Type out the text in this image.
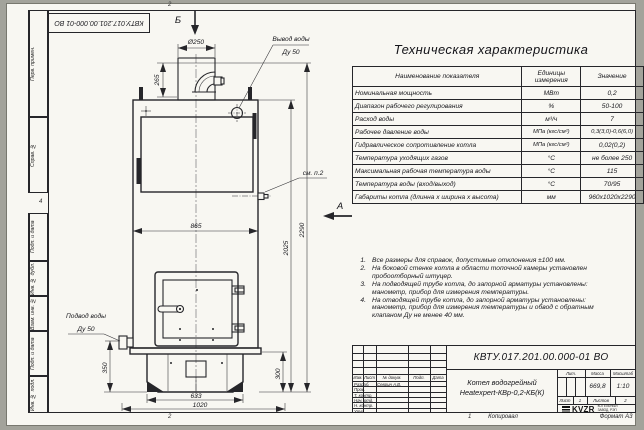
Перв. примен.
Справ. №
Подп. и дата
Инв. № дубл.
Взам. инв. №
Подп. и дата
Инв. № подл.
КВТУ.017.201.00.000-01 ВО
2
4
2	1
Б
Ø250
265
Вывод воды
Ду 50
см. п.2
865
2025
2290
Подвод воды
Ду 50
350
300
633
1020
А
Техническая характеристика
Наименование показателя	Единицы измерения	Значение
Номинальная мощность	МВт	0,2
Диапазон рабочего регулирования	%	50-100
Расход воды	м³/ч	7
Рабочее давление воды	МПа (кгс/см²)	0,3(3,0)-0,6(6,0)
Гидравлическое сопротивление котла	МПа (кгс/см²)	0,02(0,2)
Температура уходящих газов	°С	не более 250
Максимальная рабочая температура воды	°С	115
Температура воды (вход/выход)	°С	70/95
Габариты котла (длинна х ширина х высота)	мм	960х1020х2290
1. Все размеры для справок, допустимые отклонения ±100 мм.
2. На боковой стенке котла в области топочной камеры установлен пробоотборный штуцер.
3. На подводящей трубе котла, до запорной арматуры установлены: манометр, прибор для измерения температуры.
4. На отводящей трубе котла, до запорной арматуры установлены: манометр, прибор для измерения температуры и обвод с обратным клапаном Ду не менее 40 мм.
Изм. Лист	№ докум.	Подп.	Дата
Разраб.	Севрин А.В.
Пров.
Т. контр.
Нач. отд.
Н. контр.
Утв.
КВТУ.017.201.00.000-01 ВО
Котел водогрейный
Heatexpert-КВр-0,2-КБ(К)
Лит.	Масса	Масштаб
669,8	1:10
Лист	1	Листов	2
KVZR КОТЕЛЬНЫЙ
ЗАВОД, РЭП
Копировал	Формат А3
